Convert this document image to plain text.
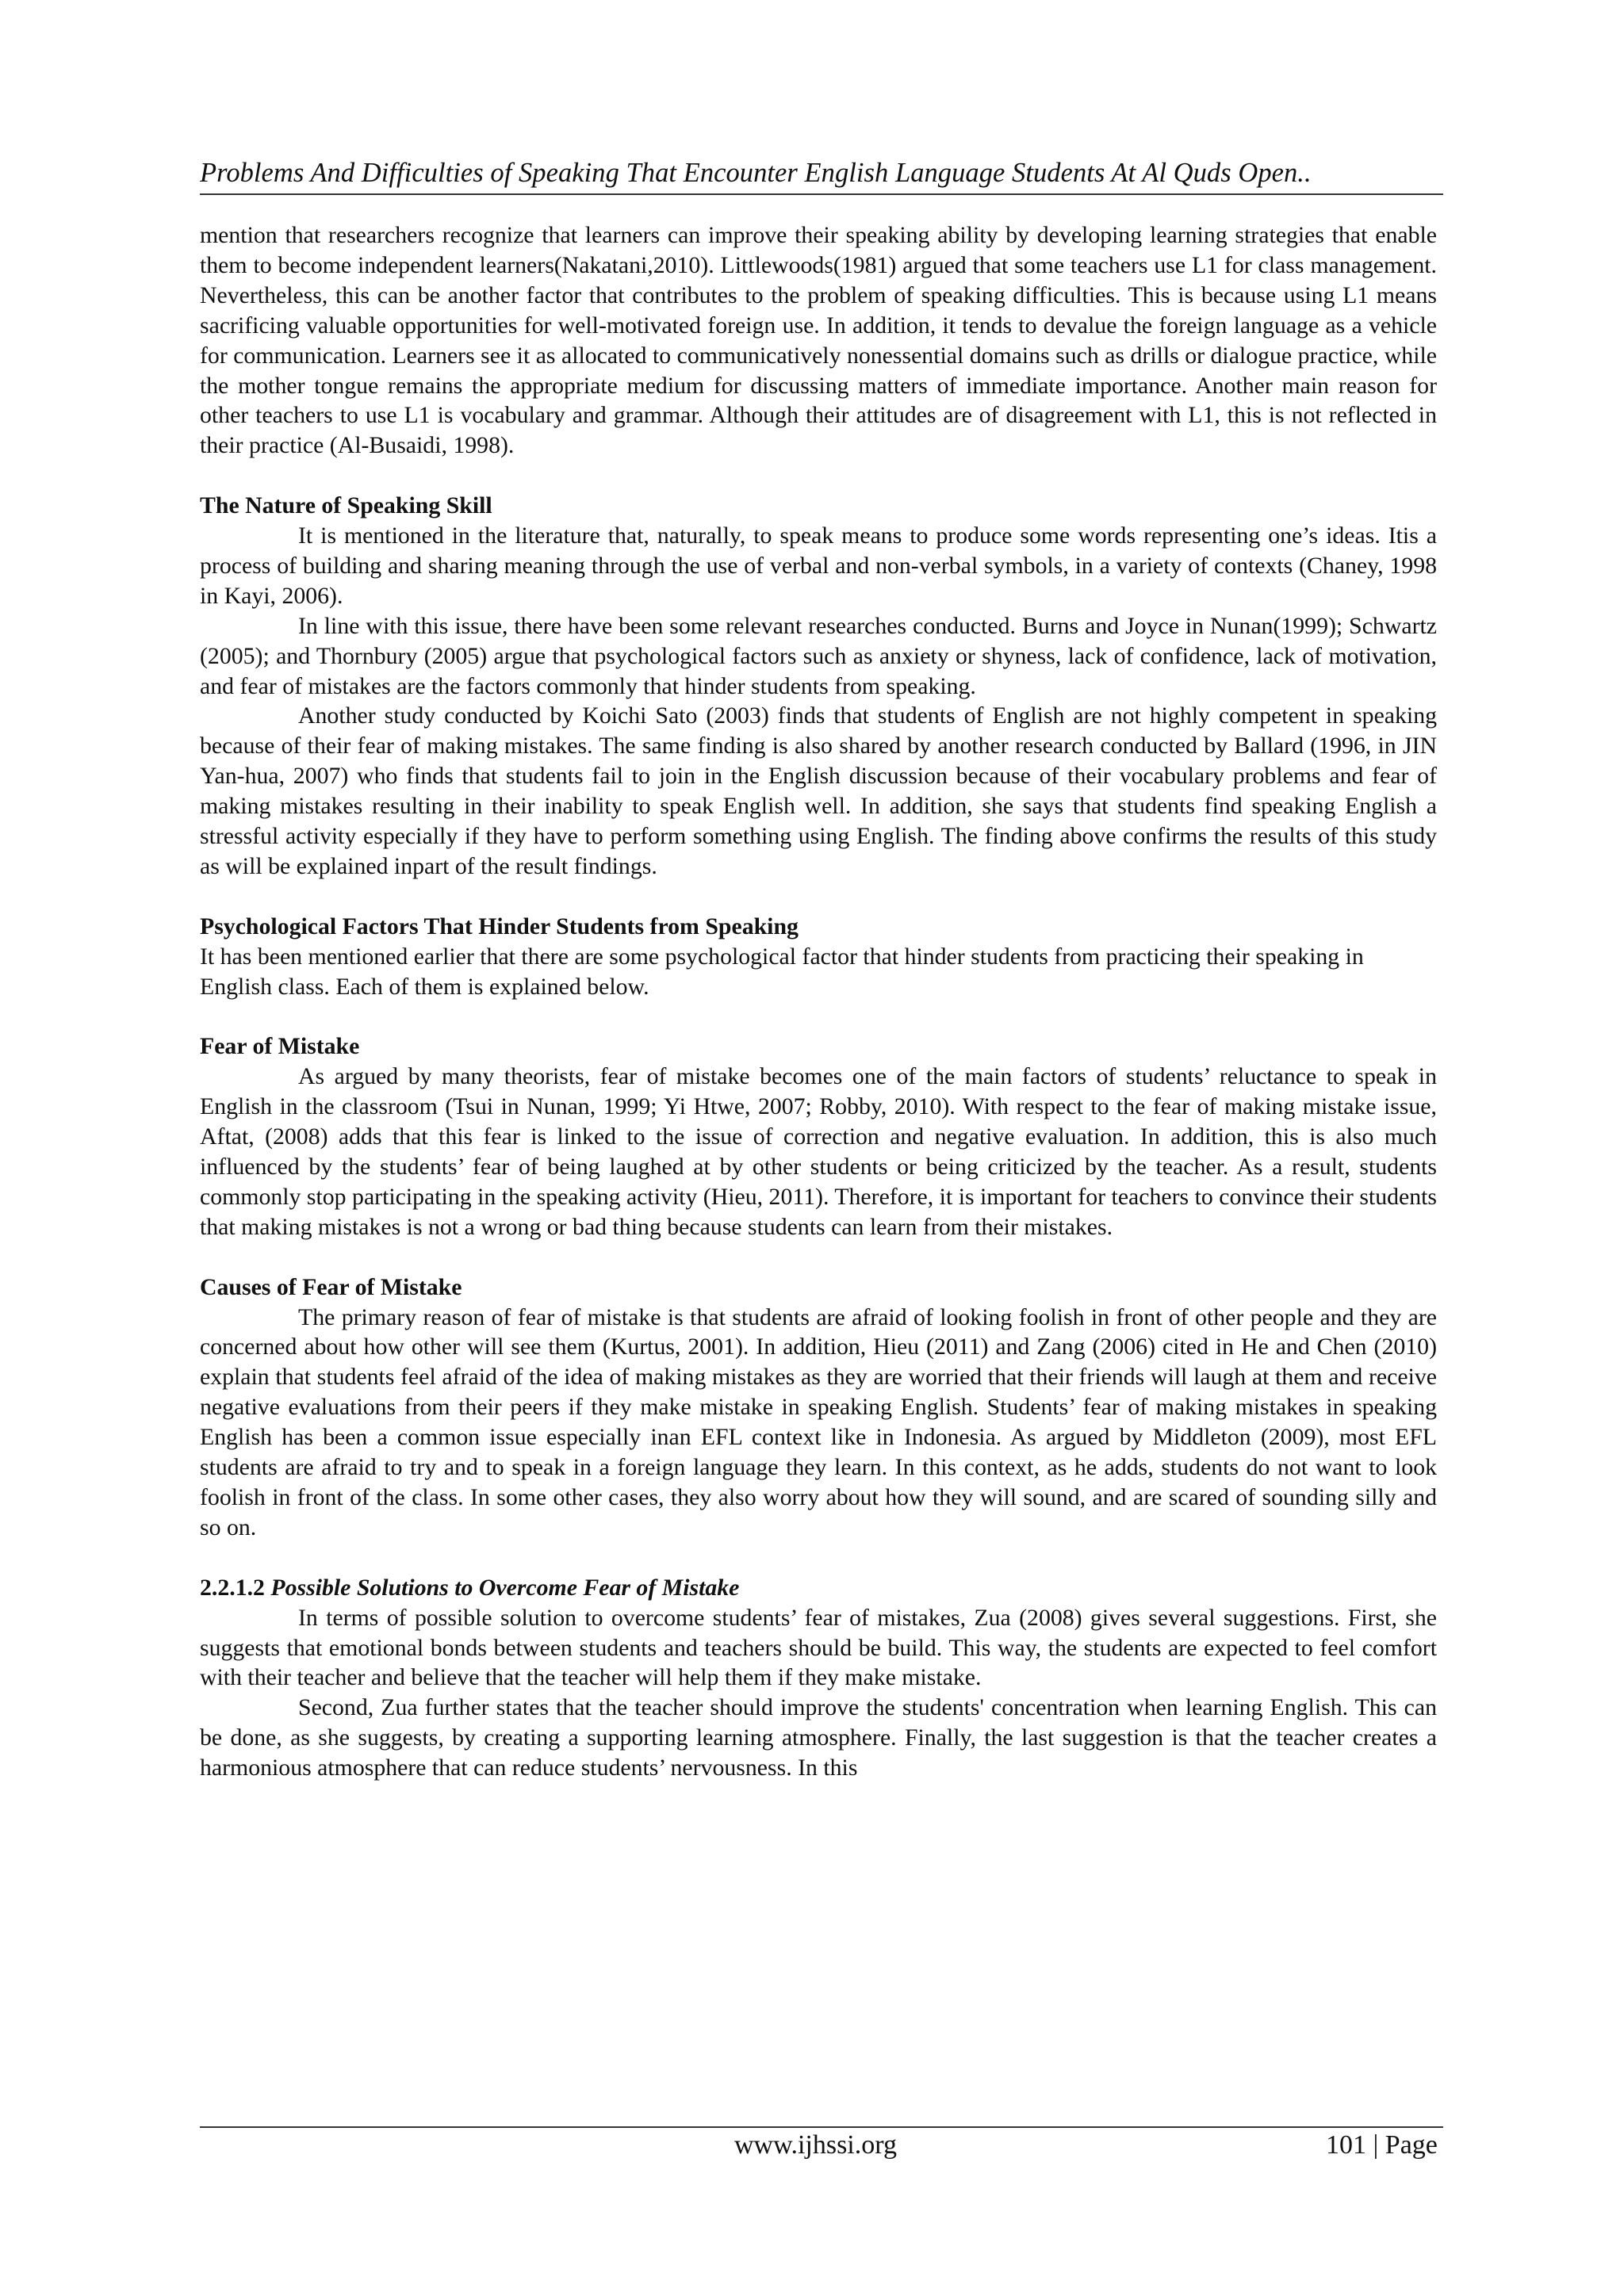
Problems And Difficulties of Speaking That Encounter English Language Students At Al Quds Open..

mention that researchers recognize that learners can improve their speaking ability by developing learning strategies that enable them to become independent learners(Nakatani,2010). Littlewoods(1981) argued that some teachers use L1 for class management. Nevertheless, this can be another factor that contributes to the problem of speaking difficulties. This is because using L1 means sacrificing valuable opportunities for well-motivated foreign use. In addition, it tends to devalue the foreign language as a vehicle for communication. Learners see it as allocated to communicatively nonessential domains such as drills or dialogue practice, while the mother tongue remains the appropriate medium for discussing matters of immediate importance. Another main reason for other teachers to use L1 is vocabulary and grammar. Although their attitudes are of disagreement with L1, this is not reflected in their practice (Al-Busaidi, 1998).

The Nature of Speaking Skill

It is mentioned in the literature that, naturally, to speak means to produce some words representing one’s ideas. Itis a process of building and sharing meaning through the use of verbal and non-verbal symbols, in a variety of contexts (Chaney, 1998 in Kayi, 2006).

In line with this issue, there have been some relevant researches conducted. Burns and Joyce in Nunan(1999); Schwartz (2005); and Thornbury (2005) argue that psychological factors such as anxiety or shyness, lack of confidence, lack of motivation, and fear of mistakes are the factors commonly that hinder students from speaking.

Another study conducted by Koichi Sato (2003) finds that students of English are not highly competent in speaking because of their fear of making mistakes. The same finding is also shared by another research conducted by Ballard (1996, in JIN Yan-hua, 2007) who finds that students fail to join in the English discussion because of their vocabulary problems and fear of making mistakes resulting in their inability to speak English well. In addition, she says that students find speaking English a stressful activity especially if they have to perform something using English. The finding above confirms the results of this study as will be explained inpart of the result findings.

Psychological Factors That Hinder Students from Speaking

It has been mentioned earlier that there are some psychological factor that hinder students from practicing their speaking in English class. Each of them is explained below.

Fear of Mistake

As argued by many theorists, fear of mistake becomes one of the main factors of students’ reluctance to speak in English in the classroom (Tsui in Nunan, 1999; Yi Htwe, 2007; Robby, 2010). With respect to the fear of making mistake issue, Aftat, (2008) adds that this fear is linked to the issue of correction and negative evaluation. In addition, this is also much influenced by the students’ fear of being laughed at by other students or being criticized by the teacher. As a result, students commonly stop participating in the speaking activity (Hieu, 2011). Therefore, it is important for teachers to convince their students that making mistakes is not a wrong or bad thing because students can learn from their mistakes.

Causes of Fear of Mistake

The primary reason of fear of mistake is that students are afraid of looking foolish in front of other people and they are concerned about how other will see them (Kurtus, 2001). In addition, Hieu (2011) and Zang (2006) cited in He and Chen (2010) explain that students feel afraid of the idea of making mistakes as they are worried that their friends will laugh at them and receive negative evaluations from their peers if they make mistake in speaking English. Students’ fear of making mistakes in speaking English has been a common issue especially inan EFL context like in Indonesia. As argued by Middleton (2009), most EFL students are afraid to try and to speak in a foreign language they learn. In this context, as he adds, students do not want to look foolish in front of the class. In some other cases, they also worry about how they will sound, and are scared of sounding silly and so on.

2.2.1.2 Possible Solutions to Overcome Fear of Mistake

In terms of possible solution to overcome students’ fear of mistakes, Zua (2008) gives several suggestions. First, she suggests that emotional bonds between students and teachers should be build. This way, the students are expected to feel comfort with their teacher and believe that the teacher will help them if they make mistake.

Second, Zua further states that the teacher should improve the students' concentration when learning English. This can be done, as she suggests, by creating a supporting learning atmosphere. Finally, the last suggestion is that the teacher creates a harmonious atmosphere that can reduce students’ nervousness. In this

www.ijhssi.org	101 | Page
